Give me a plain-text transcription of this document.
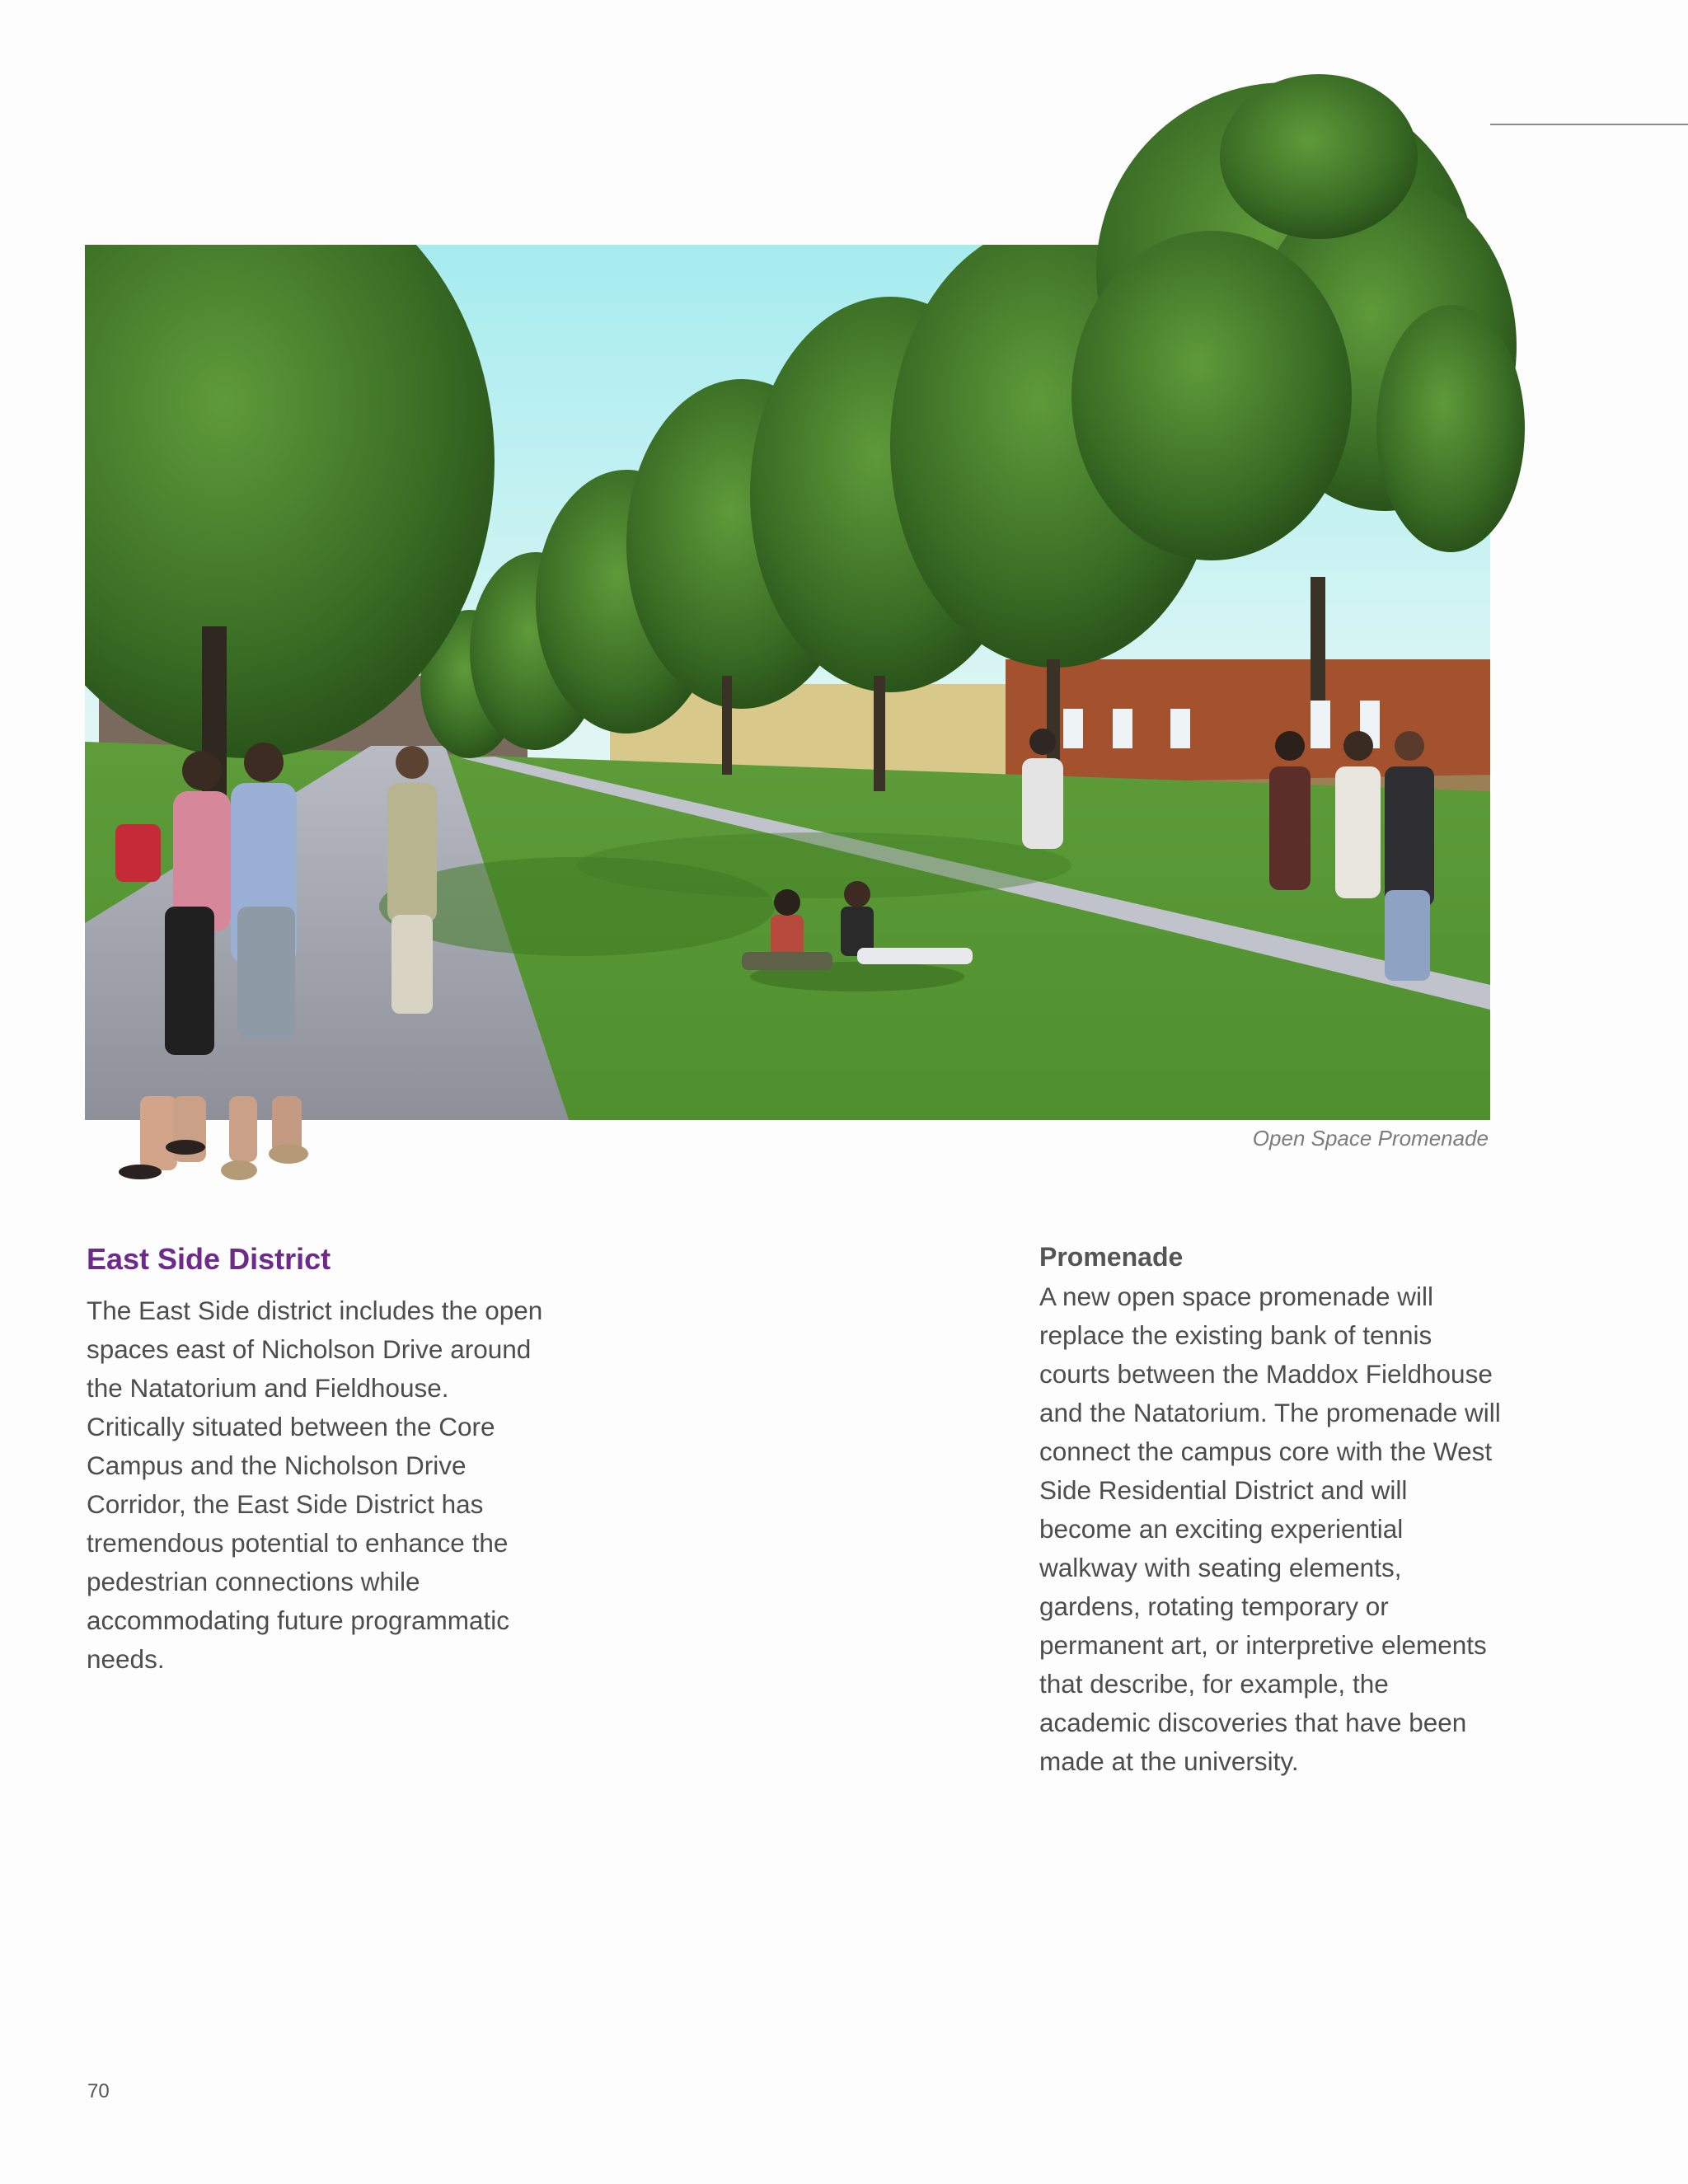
Open Space Promenade
East Side District

The East Side district includes the open spaces east of Nicholson Drive around the Natatorium and Fieldhouse. Critically situated between the Core Campus and the Nicholson Drive Corridor, the East Side District has tremendous potential to enhance the pedestrian connections while accommodating future programmatic needs.

Promenade

A new open space promenade will replace the existing bank of tennis courts between the Maddox Fieldhouse and the Natatorium. The promenade will connect the campus core with the West Side Residential District and will become an exciting experiential walkway with seating elements, gardens, rotating temporary or permanent art, or interpretive elements that describe, for example, the academic discoveries that have been made at the university.

70
